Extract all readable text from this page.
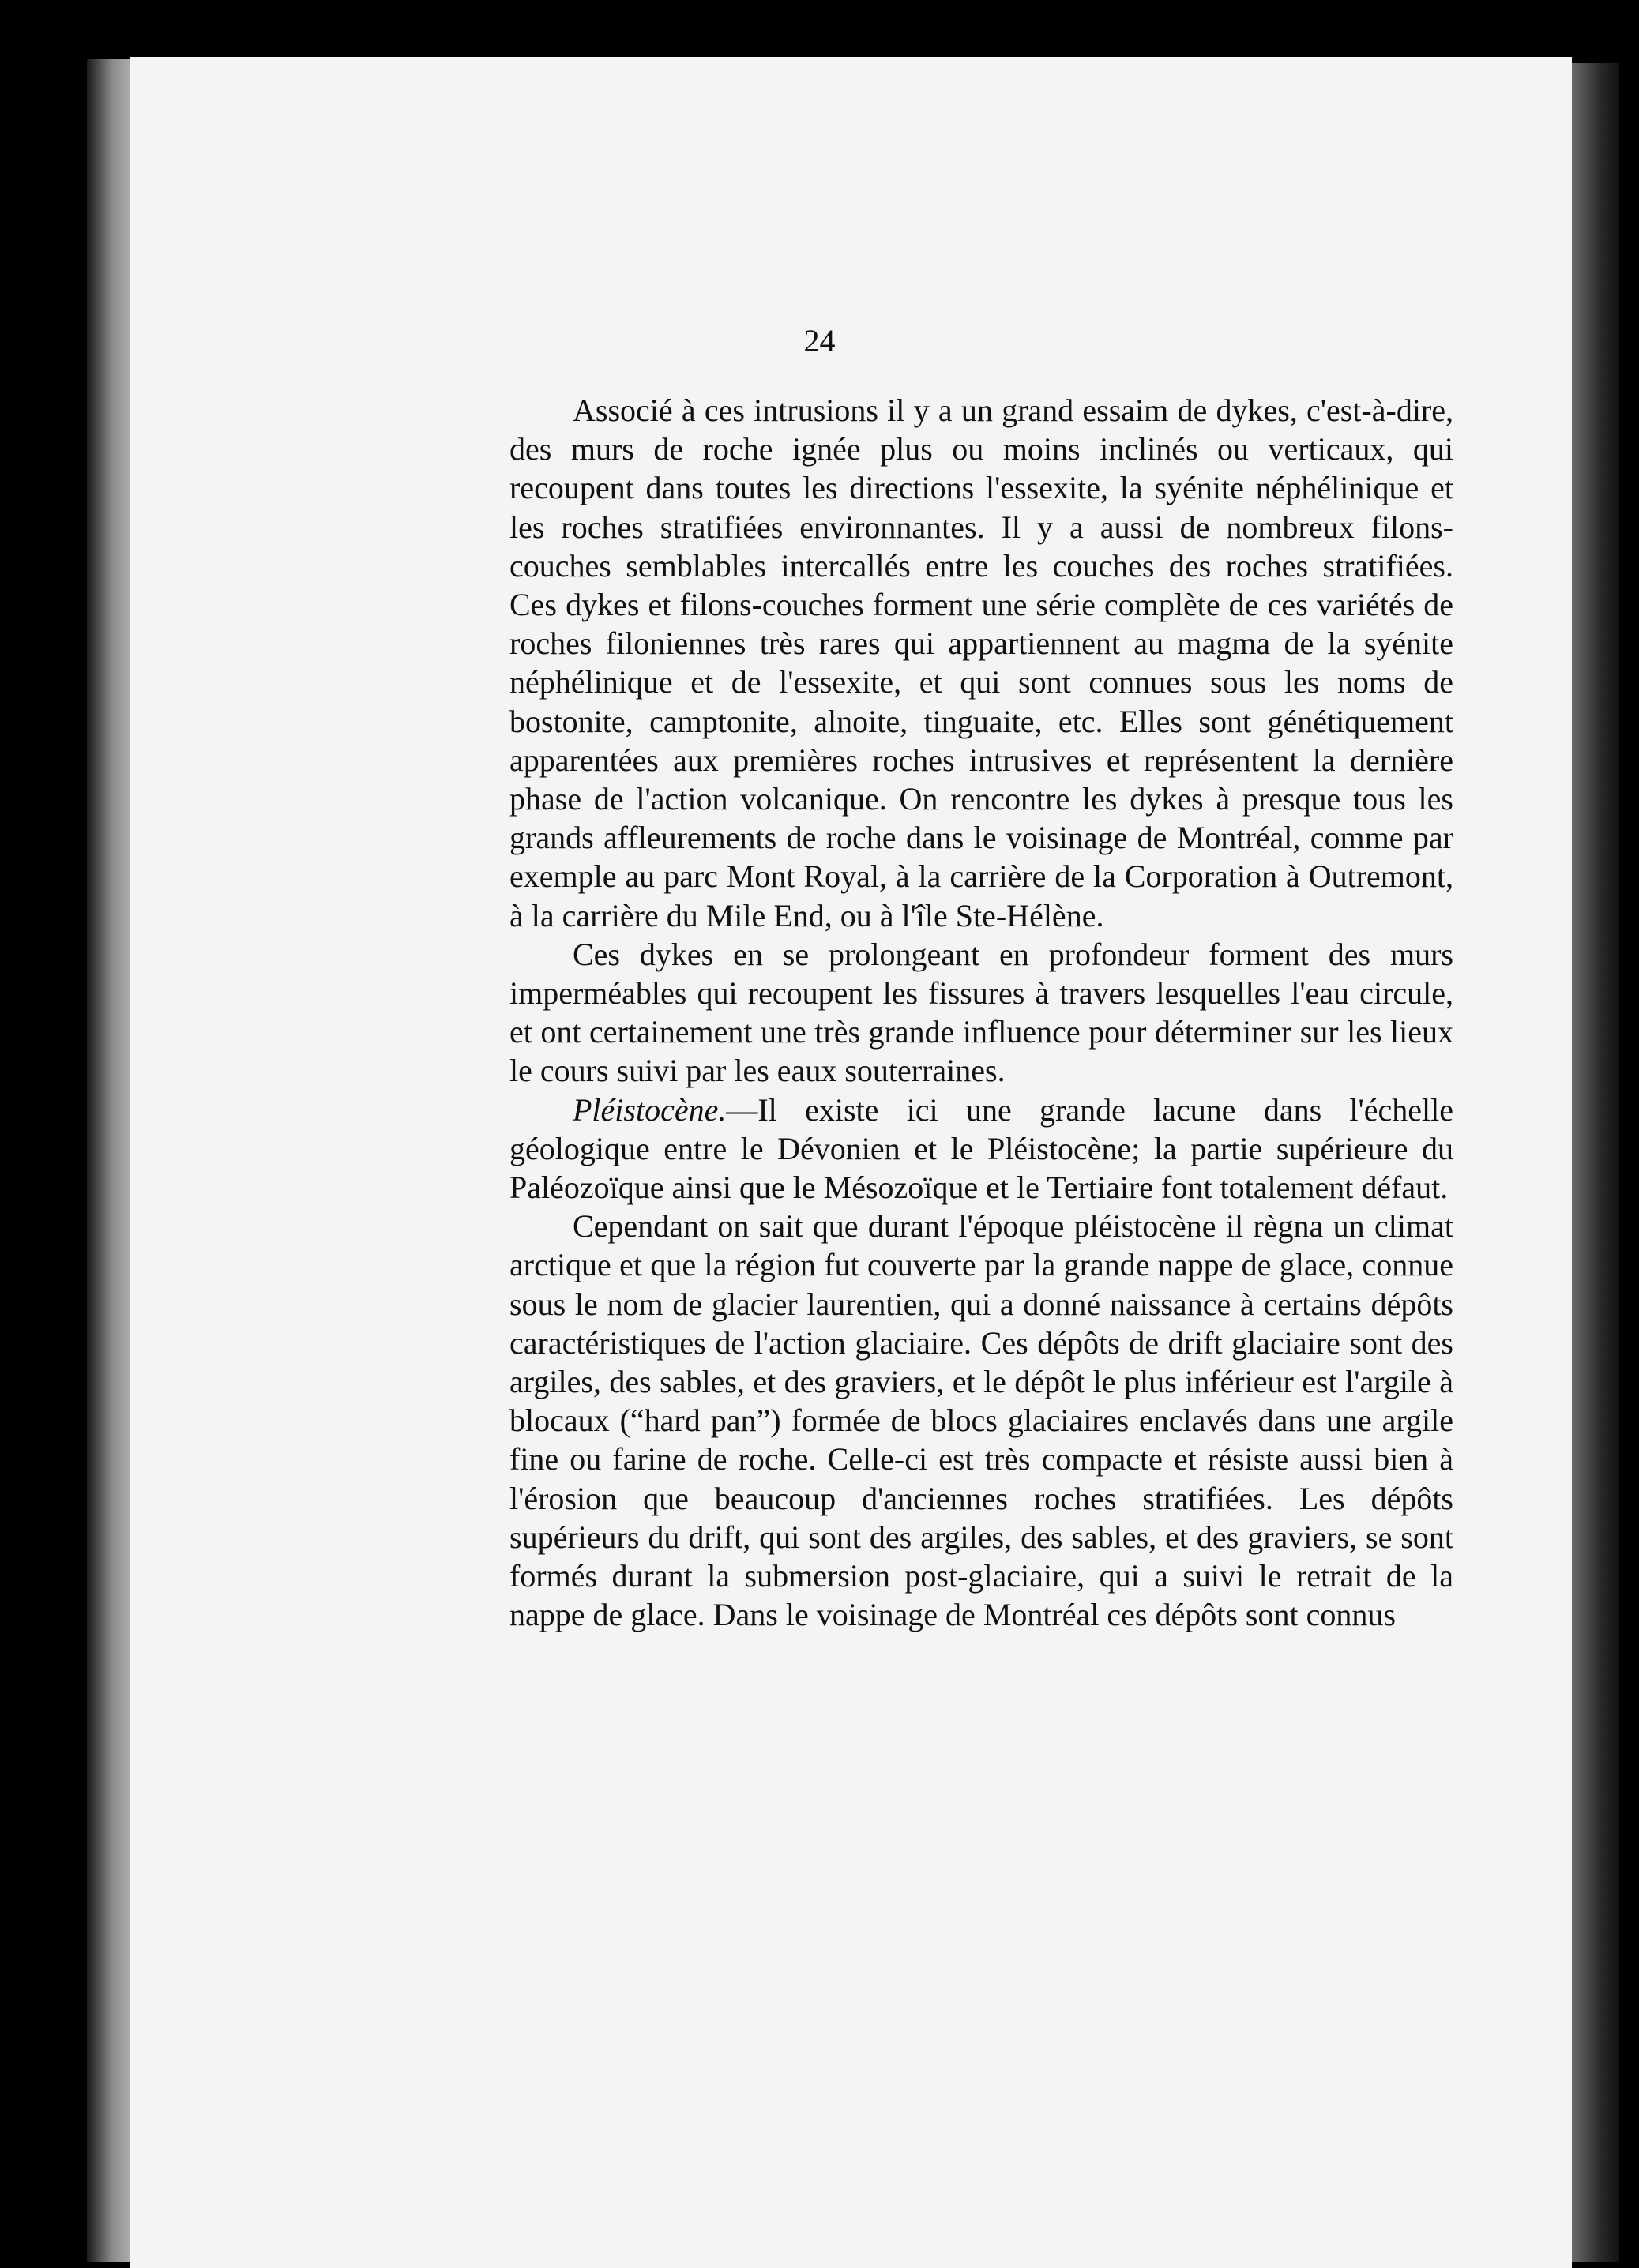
24

Associé à ces intrusions il y a un grand essaim de dykes, c'est-à-dire, des murs de roche ignée plus ou moins inclinés ou verticaux, qui recoupent dans toutes les directions l'essexite, la syénite néphélinique et les roches stratifiées environnantes. Il y a aussi de nombreux filons-couches semblables intercallés entre les couches des roches stratifiées. Ces dykes et filons-couches forment une série complète de ces variétés de roches filoniennes très rares qui appartiennent au magma de la syénite néphélinique et de l'essexite, et qui sont connues sous les noms de bostonite, camptonite, alnoite, tinguaite, etc. Elles sont génétiquement apparentées aux premières roches intrusives et représentent la dernière phase de l'action volcanique. On rencontre les dykes à presque tous les grands affleurements de roche dans le voisinage de Montréal, comme par exemple au parc Mont Royal, à la carrière de la Corporation à Outremont, à la carrière du Mile End, ou à l'île Ste-Hélène.

Ces dykes en se prolongeant en profondeur forment des murs imperméables qui recoupent les fissures à travers lesquelles l'eau circule, et ont certainement une très grande influence pour déterminer sur les lieux le cours suivi par les eaux souterraines.

Pléistocène.—Il existe ici une grande lacune dans l'échelle géologique entre le Dévonien et le Pléistocène; la partie supérieure du Paléozoïque ainsi que le Mésozoïque et le Tertiaire font totalement défaut.

Cependant on sait que durant l'époque pléistocène il règna un climat arctique et que la région fut couverte par la grande nappe de glace, connue sous le nom de glacier laurentien, qui a donné naissance à certains dépôts caractéristiques de l'action glaciaire. Ces dépôts de drift glaciaire sont des argiles, des sables, et des graviers, et le dépôt le plus inférieur est l'argile à blocaux (“hard pan”) formée de blocs glaciaires enclavés dans une argile fine ou farine de roche. Celle-ci est très compacte et résiste aussi bien à l'érosion que beaucoup d'anciennes roches stratifiées. Les dépôts supérieurs du drift, qui sont des argiles, des sables, et des graviers, se sont formés durant la submersion post-glaciaire, qui a suivi le retrait de la nappe de glace. Dans le voisinage de Montréal ces dépôts sont connus
